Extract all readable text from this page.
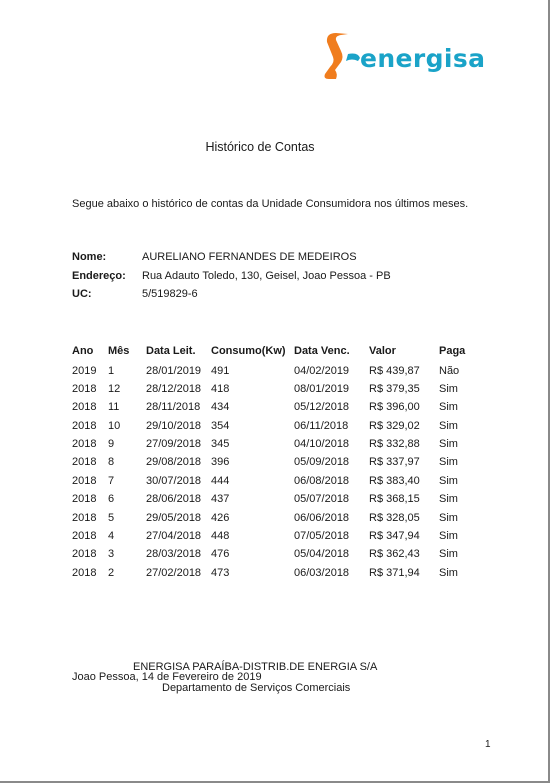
energisa
Histórico de Contas
Segue abaixo o histórico de contas da Unidade Consumidora nos últimos meses.
Nome:	AURELIANO FERNANDES DE MEDEIROS
Endereço: Rua Adauto Toledo, 130, Geisel, Joao Pessoa - PB
UC:	5/519829-6
Ano Mês Data Leit. Consumo(Kw) Data Venc. Valor	Paga
2019 1	28/01/2019 491	04/02/2019 R$ 439,87 Não
2018 12 28/12/2018 418	08/01/2019 R$ 379,35 Sim
2018 11 28/11/2018 434	05/12/2018 R$ 396,00 Sim
2018 10 29/10/2018 354	06/11/2018 R$ 329,02 Sim
2018 9	27/09/2018 345	04/10/2018 R$ 332,88 Sim
2018 8	29/08/2018 396	05/09/2018 R$ 337,97 Sim
2018 7	30/07/2018 444	06/08/2018 R$ 383,40 Sim
2018 6	28/06/2018 437	05/07/2018 R$ 368,15 Sim
2018 5	29/05/2018 426	06/06/2018 R$ 328,05 Sim
2018 4	27/04/2018 448	07/05/2018 R$ 347,94 Sim
2018 3	28/03/2018 476	05/04/2018 R$ 362,43 Sim
2018 2	27/02/2018 473	06/03/2018 R$ 371,94 Sim
ENERGISA PARAÍBA-DISTRIB.DE ENERGIA S/A
Joao Pessoa, 14 de Fevereiro de 2019
Departamento de Serviços Comerciais
1
